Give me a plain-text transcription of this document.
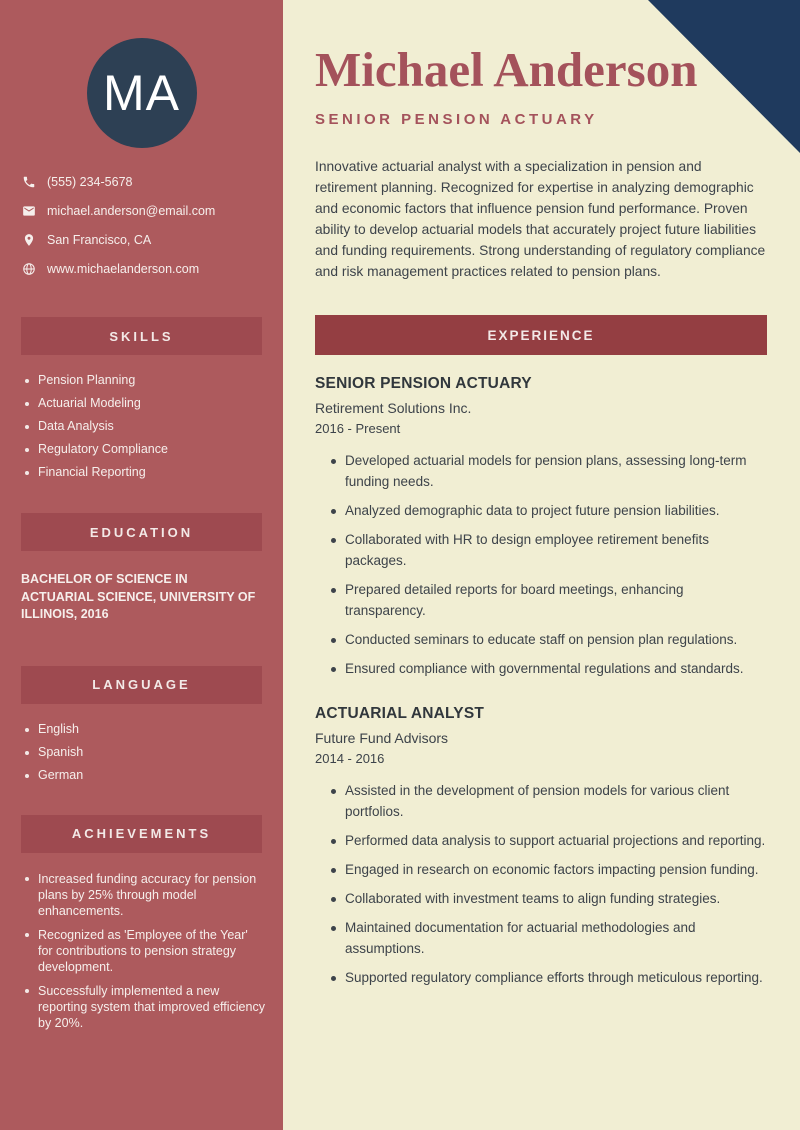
MA
(555) 234-5678
michael.anderson@email.com
San Francisco, CA
www.michaelanderson.com
SKILLS
Pension Planning
Actuarial Modeling
Data Analysis
Regulatory Compliance
Financial Reporting
EDUCATION
BACHELOR OF SCIENCE IN ACTUARIAL SCIENCE, UNIVERSITY OF ILLINOIS, 2016
LANGUAGE
English
Spanish
German
ACHIEVEMENTS
Increased funding accuracy for pension plans by 25% through model enhancements.
Recognized as 'Employee of the Year' for contributions to pension strategy development.
Successfully implemented a new reporting system that improved efficiency by 20%.
Michael Anderson
SENIOR PENSION ACTUARY

Innovative actuarial analyst with a specialization in pension and retirement planning. Recognized for expertise in analyzing demographic and economic factors that influence pension fund performance. Proven ability to develop actuarial models that accurately project future liabilities and funding requirements. Strong understanding of regulatory compliance and risk management practices related to pension plans.

EXPERIENCE
SENIOR PENSION ACTUARY
Retirement Solutions Inc.
2016 - Present
Developed actuarial models for pension plans, assessing long-term funding needs.
Analyzed demographic data to project future pension liabilities.
Collaborated with HR to design employee retirement benefits packages.
Prepared detailed reports for board meetings, enhancing transparency.
Conducted seminars to educate staff on pension plan regulations.
Ensured compliance with governmental regulations and standards.
ACTUARIAL ANALYST
Future Fund Advisors
2014 - 2016
Assisted in the development of pension models for various client portfolios.
Performed data analysis to support actuarial projections and reporting.
Engaged in research on economic factors impacting pension funding.
Collaborated with investment teams to align funding strategies.
Maintained documentation for actuarial methodologies and assumptions.
Supported regulatory compliance efforts through meticulous reporting.
